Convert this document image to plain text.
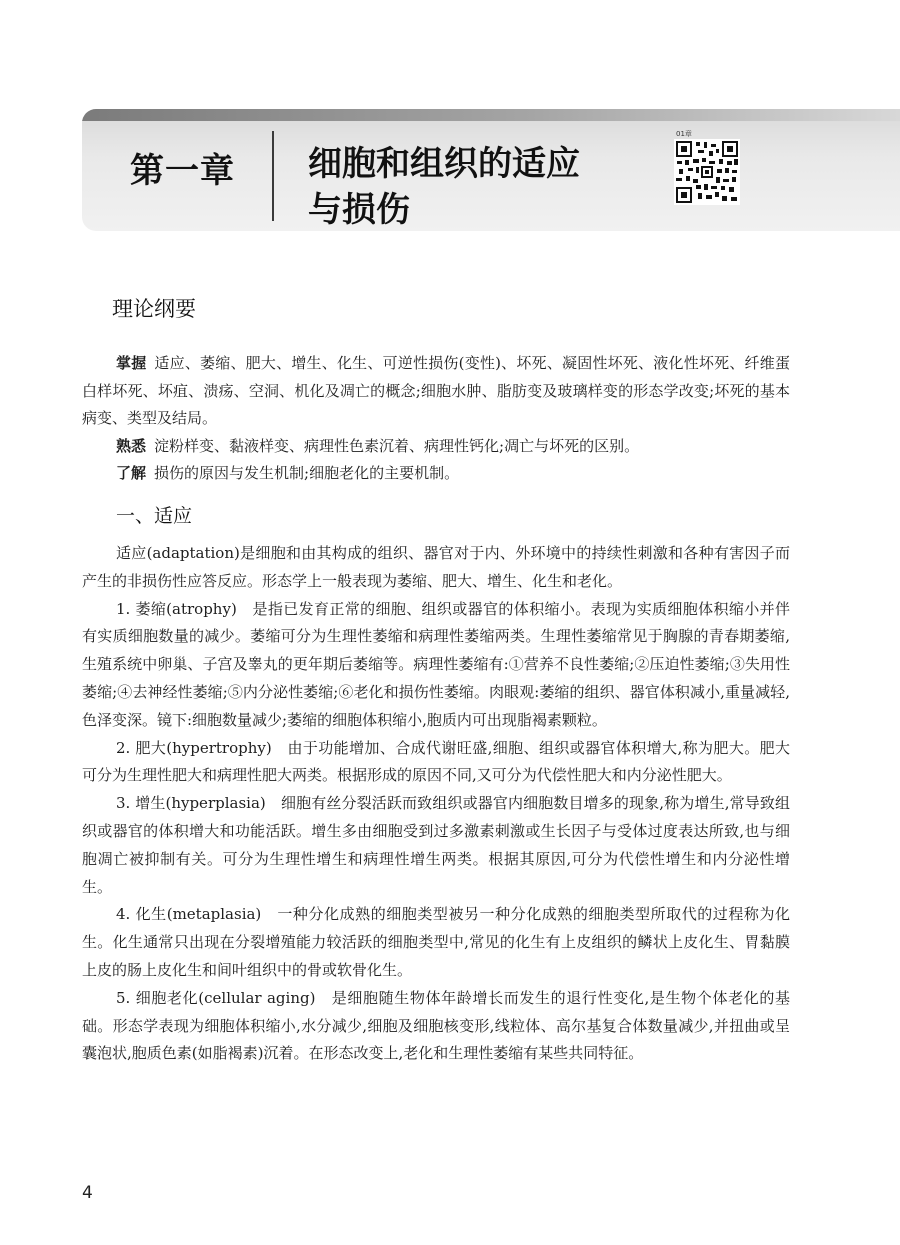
第一章 细胞和组织的适应
与损伤
01章
理论纲要

掌握 适应、萎缩、肥大、增生、化生、可逆性损伤(变性)、坏死、凝固性坏死、液化性坏死、纤维蛋白样坏死、坏疽、溃疡、空洞、机化及凋亡的概念;细胞水肿、脂肪变及玻璃样变的形态学改变;坏死的基本病变、类型及结局。

熟悉 淀粉样变、黏液样变、病理性色素沉着、病理性钙化;凋亡与坏死的区别。

了解 损伤的原因与发生机制;细胞老化的主要机制。

一、适应

适应(adaptation)是细胞和由其构成的组织、器官对于内、外环境中的持续性刺激和各种有害因子而产生的非损伤性应答反应。形态学上一般表现为萎缩、肥大、增生、化生和老化。

1. 萎缩(atrophy)　是指已发育正常的细胞、组织或器官的体积缩小。表现为实质细胞体积缩小并伴有实质细胞数量的减少。萎缩可分为生理性萎缩和病理性萎缩两类。生理性萎缩常见于胸腺的青春期萎缩,生殖系统中卵巢、子宫及睾丸的更年期后萎缩等。病理性萎缩有:①营养不良性萎缩;②压迫性萎缩;③失用性萎缩;④去神经性萎缩;⑤内分泌性萎缩;⑥老化和损伤性萎缩。肉眼观:萎缩的组织、器官体积减小,重量减轻,色泽变深。镜下:细胞数量减少;萎缩的细胞体积缩小,胞质内可出现脂褐素颗粒。

2. 肥大(hypertrophy)　由于功能增加、合成代谢旺盛,细胞、组织或器官体积增大,称为肥大。肥大可分为生理性肥大和病理性肥大两类。根据形成的原因不同,又可分为代偿性肥大和内分泌性肥大。

3. 增生(hyperplasia)　细胞有丝分裂活跃而致组织或器官内细胞数目增多的现象,称为增生,常导致组织或器官的体积增大和功能活跃。增生多由细胞受到过多激素刺激或生长因子与受体过度表达所致,也与细胞凋亡被抑制有关。可分为生理性增生和病理性增生两类。根据其原因,可分为代偿性增生和内分泌性增生。

4. 化生(metaplasia)　一种分化成熟的细胞类型被另一种分化成熟的细胞类型所取代的过程称为化生。化生通常只出现在分裂增殖能力较活跃的细胞类型中,常见的化生有上皮组织的鳞状上皮化生、胃黏膜上皮的肠上皮化生和间叶组织中的骨或软骨化生。

5. 细胞老化(cellular aging)　是细胞随生物体年龄增长而发生的退行性变化,是生物个体老化的基础。形态学表现为细胞体积缩小,水分减少,细胞及细胞核变形,线粒体、高尔基复合体数量减少,并扭曲或呈囊泡状,胞质色素(如脂褐素)沉着。在形态改变上,老化和生理性萎缩有某些共同特征。

4
